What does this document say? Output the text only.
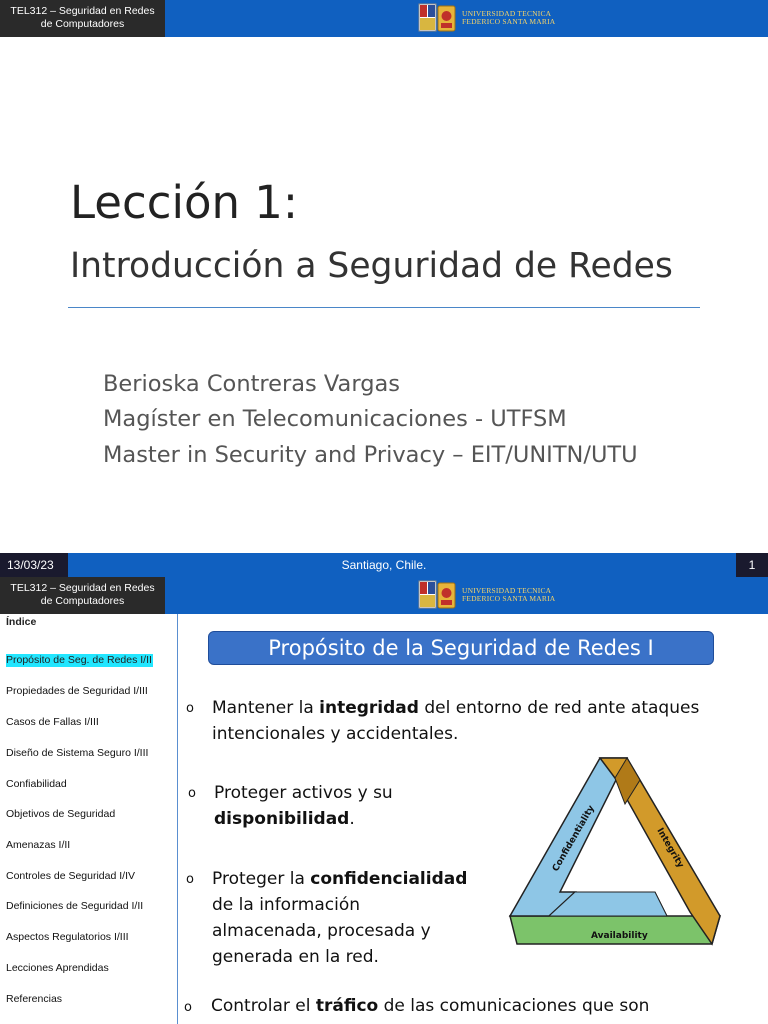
TEL312 – Seguridad en Redes
de Computadores
UNIVERSIDAD TECNICA
FEDERICO SANTA MARIA
Lección 1:
Introducción a Seguridad de Redes
Berioska Contreras Vargas
Magíster en Telecomunicaciones - UTFSM
Master in Security and Privacy – EIT/UNITN/UTU
Santiago, Chile.
13/03/23	1
TEL312 – Seguridad en Redes
de Computadores
UNIVERSIDAD TECNICA
FEDERICO SANTA MARIA
Índice
Propósito de Seg. de Redes I/II
Propiedades de Seguridad I/III
Casos de Fallas I/III
Diseño de Sistema Seguro I/III
Confiabilidad
Objetivos de Seguridad
Amenazas I/II
Controles de Seguridad I/IV
Definiciones de Seguridad I/II
Aspectos Regulatorios I/III
Lecciones Aprendidas
Referencias
Propósito de la Seguridad de Redes I
o Mantener la integridad del entorno de red ante ataques
intencionales y accidentales.
o Proteger activos y su
disponibilidad.
o Proteger la confidencialidad
de la información
almacenada, procesada y
generada en la red.
o Controlar el tráfico de las comunicaciones que son
Confidentiality	Integrity
Availability
